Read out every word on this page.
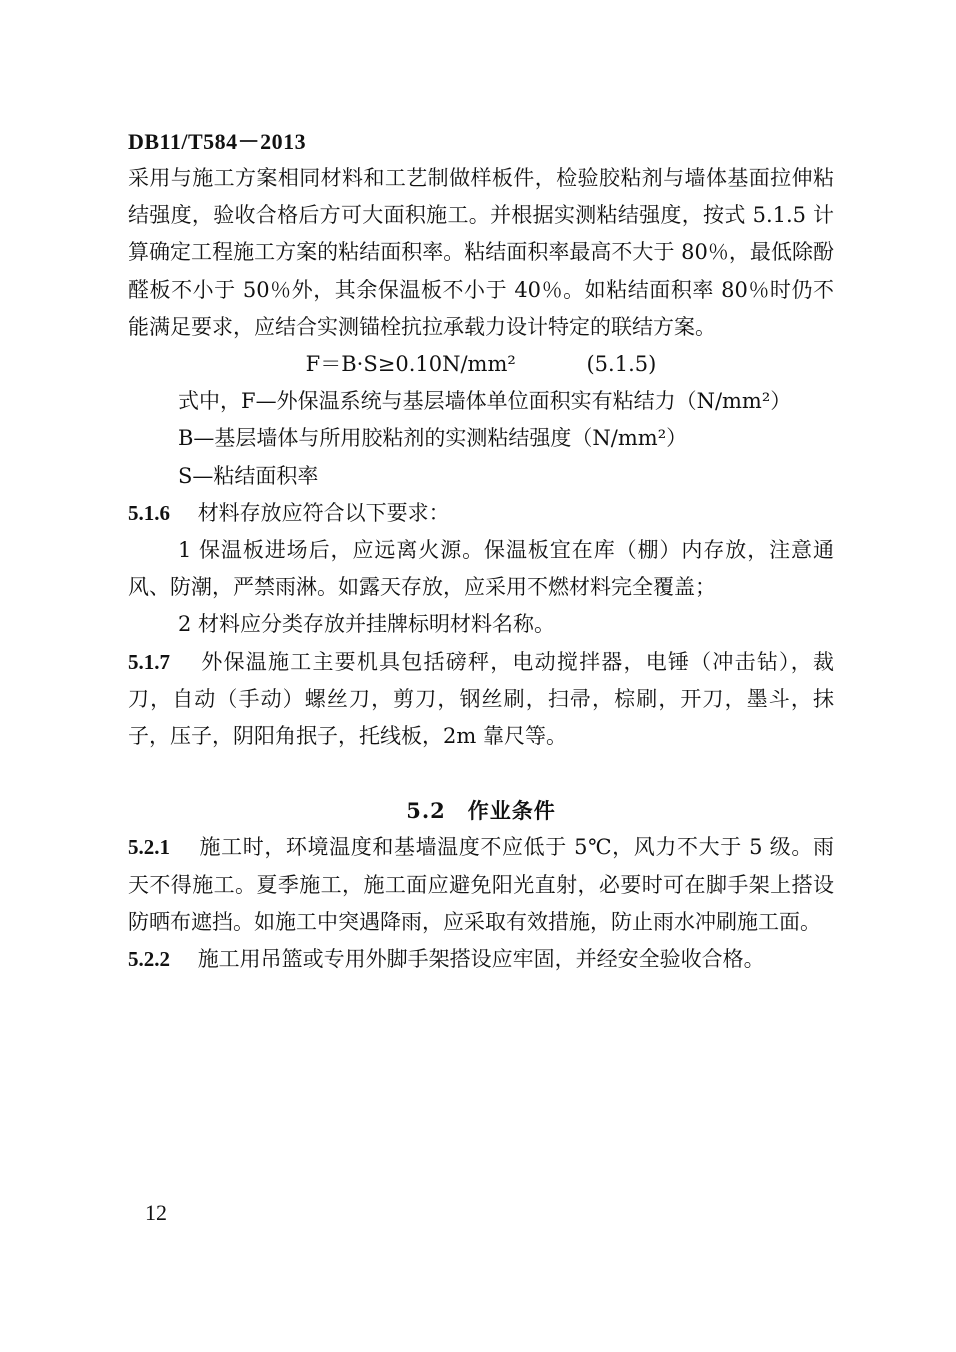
DB11/T584－2013

采用与施工方案相同材料和工艺制做样板件，检验胶粘剂与墙体基面拉伸粘结强度，验收合格后方可大面积施工。并根据实测粘结强度，按式 5.1.5 计算确定工程施工方案的粘结面积率。粘结面积率最高不大于 80％，最低除酚醛板不小于 50％外，其余保温板不小于 40％。如粘结面积率 80％时仍不能满足要求，应结合实测锚栓抗拉承载力设计特定的联结方案。

F＝B·S≥0.10N/mm²	(5.1.5)

式中，F—外保温系统与基层墙体单位面积实有粘结力（N/mm²）

B—基层墙体与所用胶粘剂的实测粘结强度（N/mm²）

S—粘结面积率

5.1.6　 材料存放应符合以下要求：

1 保温板进场后，应远离火源。保温板宜在库（棚）内存放，注意通风、防潮，严禁雨淋。如露天存放，应采用不燃材料完全覆盖；

2 材料应分类存放并挂牌标明材料名称。

5.1.7　 外保温施工主要机具包括磅秤，电动搅拌器，电锤（冲击钻），裁刀，自动（手动）螺丝刀，剪刀，钢丝刷，扫帚，棕刷，开刀，墨斗，抹子，压子，阴阳角抿子，托线板，2m 靠尺等。

5.2　作业条件

5.2.1　 施工时，环境温度和基墙温度不应低于 5℃，风力不大于 5 级。雨天不得施工。夏季施工，施工面应避免阳光直射，必要时可在脚手架上搭设防晒布遮挡。如施工中突遇降雨，应采取有效措施，防止雨水冲刷施工面。

5.2.2　 施工用吊篮或专用外脚手架搭设应牢固，并经安全验收合格。

12
